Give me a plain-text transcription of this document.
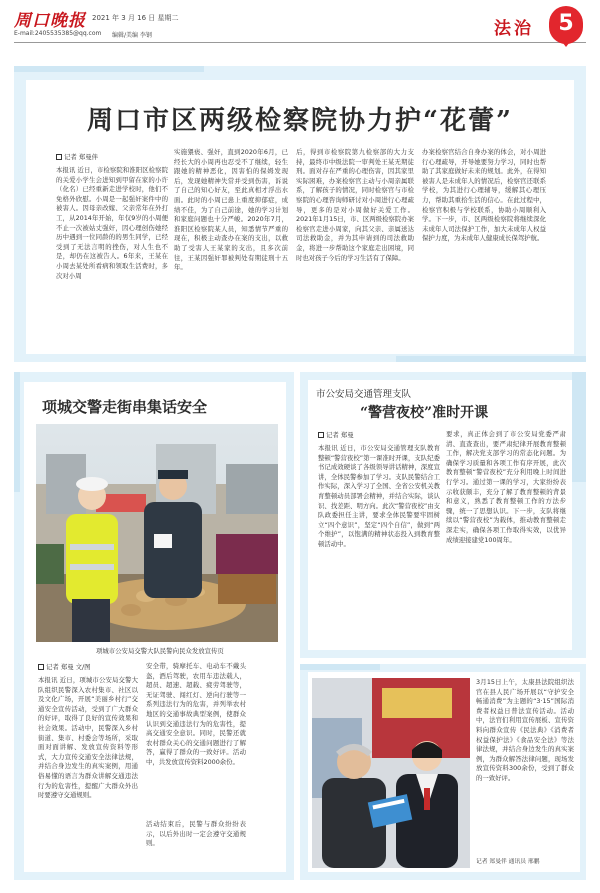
周口晚报 2021 年 3 月 16 日 星期二
E-mail:2405535385@qq.com 编辑/美编 李钢	法治	5
周口市区两级检察院协力护“花蕾”
记者 郑曼伴
本报讯 近日，市检察院和淮阳区检察院的关爱小学生会进知到甲留在家的小许（化名）已经重新走进学校时，他们不免格外欣慰。小周是一起强奸案件中的被害人。因母亲改嫁、父亲常年在外打工，从2014年开始，年仅9岁的小周便不止一次被姑丈强奸，因心理创伤她经历中遇到一位同龄的的男生同学，已经受到了无法言明的挫伤，对人生也不是，却仍在这被告人。6年来，王某在小周去某处所看病和领取生活费时，多次对小周
实施猥亵、强奸，直到2020年6月，已经长大的小周再也忍受不了继续，轻生跟她的精神恶化，因害怕的保姆发现后，发现她精神失常并受到伤害，诉说了自己的知心好友，至此真相才浮出水面。此时的小周已患上重度抑郁症，成绩不佳，为了自己前途，她的学习计划和家庭问题也十分严峻。2020年7月，淮阳区检察院某人员，知悉情节严重的现在，积极主动查办在案的支出，以救助了受害人王某家的支出，且多次前往，王某因强奸罪被判处有期徒刑十五年。
后，得到市检察院第九检察部的大力支持，最终市中级法院一审判处王某无期徒刑。面对存在严重的心理伤害，因其家里实际困难，办案检察官主动与小周亲属联系，了解孩子的情况，同时检察官与市检察院的心理咨询师研讨对小周进行心理疏导，更多的是对小周做好关爱工作。2021年1月15日，市、区两级检察院办案检察官走进小周家，向其父亲、亲属送达司法救助金，并为其申请到的司法救助金，将进一步帮助这个家庭走出困境，同时也对孩子今后的学习生活有了保障。
办案检察官结合自身办案的体会，对小周进行心理疏导，开导她要努力学习，同时也帮助了其家庭做好未来的规划。此外，在得知被害人是未成年人的情况后，检察官还联系学校，为其进行心理辅导，缓解其心理压力，帮助其重拾生活的信心。在此过程中，检察官积极与学校联系，协助小周顺利入学。下一步，市、区两级检察院将继续深化未成年人司法保护工作，加大未成年人权益保护力度，为未成年人健康成长保驾护航。
项城交警走街串集话安全
项城市公安局交警大队民警向民众发放宣传页
记者 郑曼 文/图
本报讯 近日，项城市公安局交警大队组织民警深入农村集市、社区以及文化广场，开展“美丽乡村行”交通安全宣传活动，受到了广大群众的好评，取得了良好的宣传效果和社会效果。活动中，民警深入乡村街道、集市、村委会等场所，采取面对面讲解、发放宣传资料等形式，大力宣传交通安全法律法规，并结合身边发生的真实案例，用通俗易懂的语言为群众讲解交通违法行为的危害性，提醒广大群众外出时要遵守交通规则。
安全带，骑摩托车、电动车不戴头盔，酒后驾驶，农用车违法载人，超员、超速、超载、疲劳驾驶等，无证驾驶、闯红灯、逆向行驶等一系列违法行为的危害，并列举农村地区的交通事故典型案例，使群众认识到交通违法行为的危害性，提高交通安全意识。同时，民警还就农村群众关心的交通问题进行了解答，赢得了群众的一致好评。活动中，共发放宣传资料2000余份。
活动结束后，民警与群众纷纷表示，以后外出时一定会遵守交通规则。
市公安局交通管理支队
“警营夜校”准时开课
记者 郑曼
本报讯 近日，市公安局交通管理支队教育整顿“警营夜校”第一课准时开课，支队纪委书记成效硬谈了各级领导讲话精神，深度宣讲，全体民警参加了学习。支队民警结合工作实际，深入学习了全国、全省公安机关教育整顿动员部署会精神，并结合实际，谈认识、找差距、明方向。此次“警营夜校”由支队政委担任主讲，要求全体民警要牢固树立“四个意识”，坚定“四个自信”，做到“两个维护”，以饱满的精神状态投入到教育整顿活动中。
要求，真正体会到了市公安局党委严肃清、直查查出，要严肃纪律开展教育整顿工作，解决党支部学习的常态化问题。为确保学习质量和各项工作有序开展，此次教育整顿“警营夜校”充分利用晚上时间进行学习。通过第一课的学习，大家纷纷表示收获颇丰，充分了解了教育整顿的背景和意义，熟悉了教育整顿工作的方法步骤，统一了思想认识。下一步，支队将继续以“警营夜校”为载体，推动教育整顿走深走实，确保各项工作取得实效，以优异成绩迎接建党100周年。
3月15日上午，太康县法院组织法官在县人民广场开展以“守护安全 畅通消费”为主题的“3·15”国际消费者权益日普法宣传活动。活动中，法官们利用宣传展板、宣传资料向群众宣传《民法典》《消费者权益保护法》《食品安全法》等法律法规，并结合身边发生的真实案例，为群众解答法律问题，现场发放宣传资料300余份，受到了群众的一致好评。
记者 郑曼伴 通讯员 邢鹏
